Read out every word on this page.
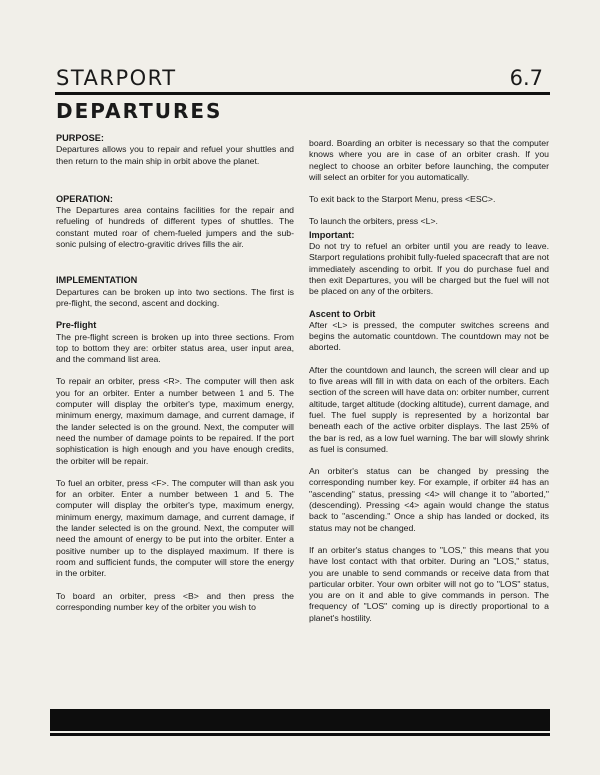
STARPORT	6.7
DEPARTURES
PURPOSE:

Departures allows you to repair and refuel your shuttles and then return to the main ship in orbit above the planet.

OPERATION:

The Departures area contains facilities for the repair and refueling of hundreds of different types of shuttles. The constant muted roar of chem-fueled jumpers and the sub-sonic pulsing of electro-gravitic drives fills the air.

IMPLEMENTATION

Departures can be broken up into two sections. The first is pre-flight, the second, ascent and docking.

Pre-flight

The pre-flight screen is broken up into three sections. From top to bottom they are: orbiter status area, user input area, and the command list area.

To repair an orbiter, press <R>. The computer will then ask you for an orbiter. Enter a number between 1 and 5. The computer will display the orbiter's type, maximum energy, minimum energy, maximum damage, and current damage, if the lander selected is on the ground. Next, the computer will need the number of damage points to be repaired. If the port sophistication is high enough and you have enough credits, the orbiter will be repair.

To fuel an orbiter, press <F>. The computer will than ask you for an orbiter. Enter a number between 1 and 5. The computer will display the orbiter's type, maximum energy, minimum energy, maximum damage, and current damage, if the lander selected is on the ground. Next, the computer will need the amount of energy to be put into the orbiter. Enter a positive number up to the displayed maximum. If there is room and sufficient funds, the computer will store the energy in the orbiter.

To board an orbiter, press <B> and then press the corresponding number key of the orbiter you wish to

board. Boarding an orbiter is necessary so that the computer knows where you are in case of an orbiter crash. If you neglect to choose an orbiter before launching, the computer will select an orbiter for you automatically.

To exit back to the Starport Menu, press <ESC>.

To launch the orbiters, press <L>.

Important:

Do not try to refuel an orbiter until you are ready to leave. Starport regulations prohibit fully-fueled spacecraft that are not immediately ascending to orbit. If you do purchase fuel and then exit Departures, you will be charged but the fuel will not be placed on any of the orbiters.

Ascent to Orbit

After <L> is pressed, the computer switches screens and begins the automatic countdown. The countdown may not be aborted.

After the countdown and launch, the screen will clear and up to five areas will fill in with data on each of the orbiters. Each section of the screen will have data on: orbiter number, current altitude, target altitude (docking altitude), current damage, and fuel. The fuel supply is represented by a horizontal bar beneath each of the active orbiter displays. The last 25% of the bar is red, as a low fuel warning. The bar will slowly shrink as fuel is consumed.

An orbiter's status can be changed by pressing the corresponding number key. For example, if orbiter #4 has an "ascending" status, pressing <4> will change it to "aborted," (descending). Pressing <4> again would change the status back to "ascending." Once a ship has landed or docked, its status may not be changed.

If an orbiter's status changes to "LOS," this means that you have lost contact with that orbiter. During an "LOS," status, you are unable to send commands or receive data from that particular orbiter. Your own orbiter will not go to "LOS" status, you are on it and able to give commands in person. The frequency of "LOS" coming up is directly proportional to a planet's hostility.
